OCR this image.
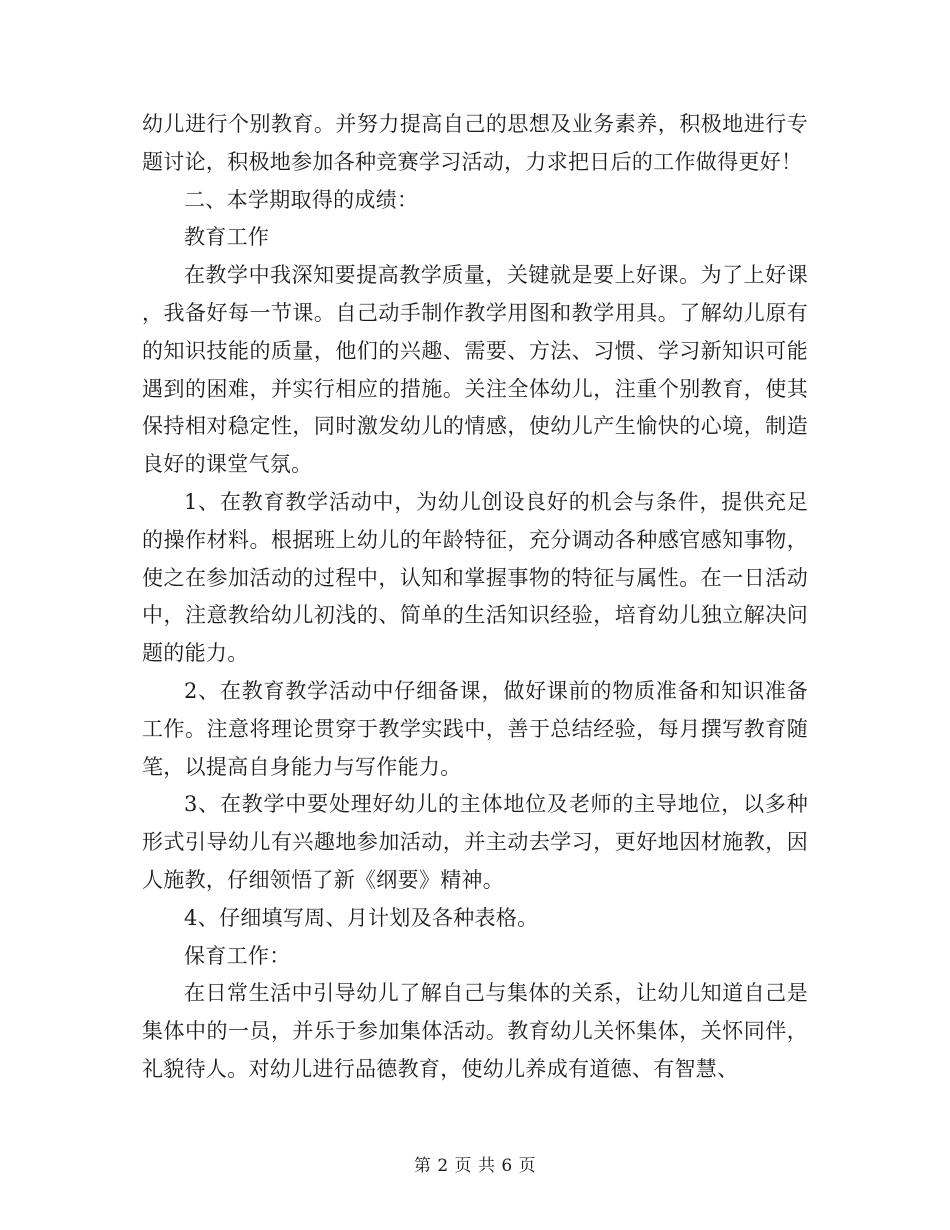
幼儿进行个别教育。并努力提高自己的思想及业务素养，积极地进行专题讨论，积极地参加各种竞赛学习活动，力求把日后的工作做得更好！

二、本学期取得的成绩：

教育工作

在教学中我深知要提高教学质量，关键就是要上好课。为了上好课，我备好每一节课。自己动手制作教学用图和教学用具。了解幼儿原有的知识技能的质量，他们的兴趣、需要、方法、习惯、学习新知识可能遇到的困难，并实行相应的措施。关注全体幼儿，注重个别教育，使其保持相对稳定性，同时激发幼儿的情感，使幼儿产生愉快的心境，制造良好的课堂气氛。

1、在教育教学活动中，为幼儿创设良好的机会与条件，提供充足的操作材料。根据班上幼儿的年龄特征，充分调动各种感官感知事物，使之在参加活动的过程中，认知和掌握事物的特征与属性。在一日活动中，注意教给幼儿初浅的、简单的生活知识经验，培育幼儿独立解决问题的能力。

2、在教育教学活动中仔细备课，做好课前的物质准备和知识准备工作。注意将理论贯穿于教学实践中，善于总结经验，每月撰写教育随笔，以提高自身能力与写作能力。

3、在教学中要处理好幼儿的主体地位及老师的主导地位，以多种形式引导幼儿有兴趣地参加活动，并主动去学习，更好地因材施教，因人施教，仔细领悟了新《纲要》精神。

4、仔细填写周、月计划及各种表格。

保育工作：

在日常生活中引导幼儿了解自己与集体的关系，让幼儿知道自己是集体中的一员，并乐于参加集体活动。教育幼儿关怀集体，关怀同伴，礼貌待人。对幼儿进行品德教育，使幼儿养成有道德、有智慧、

第 2 页 共 6 页
